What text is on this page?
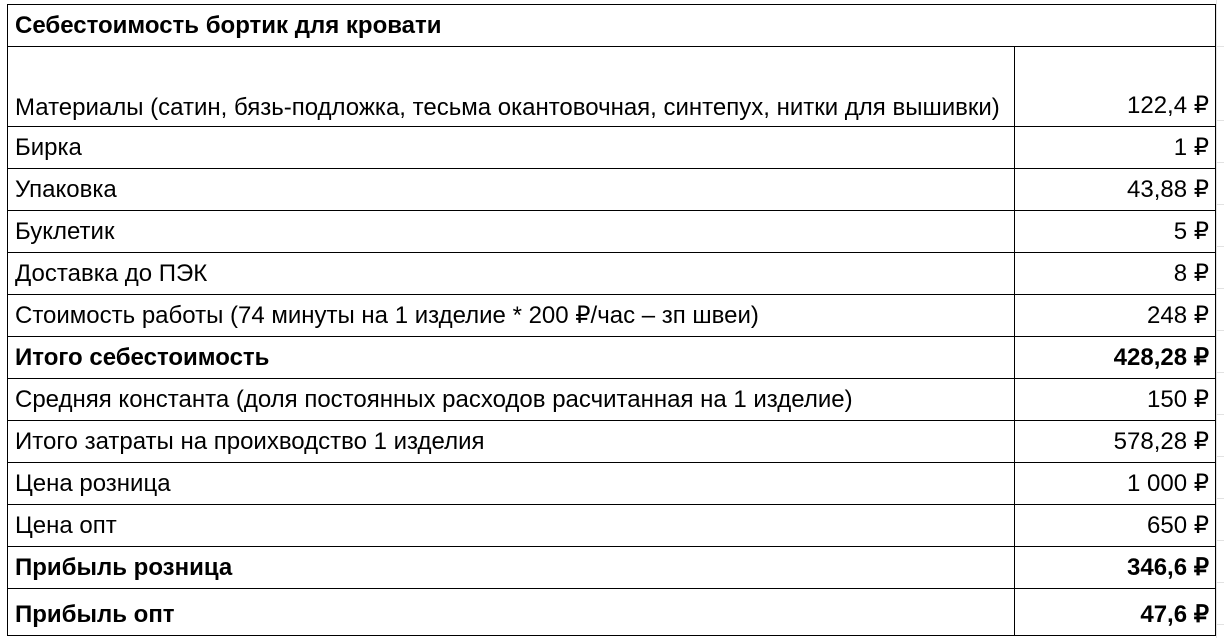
Себестоимость бортик для кровати	
Материалы (сатин, бязь-подложка, тесьма окантовочная, синтепух, нитки для вышивки)	122,4 ₽
Бирка	1 ₽
Упаковка	43,88 ₽
Буклетик	5 ₽
Доставка до ПЭК	8 ₽
Стоимость работы (74 минуты на 1 изделие * 200 ₽/час – зп швеи)	248 ₽
Итого себестоимость	428,28 ₽
Средняя константа (доля постоянных расходов расчитанная на 1 изделие)	150 ₽
Итого затраты на проихводство 1 изделия	578,28 ₽
Цена розница	1 000 ₽
Цена опт	650 ₽
Прибыль розница	346,6 ₽
Прибыль опт	47,6 ₽
